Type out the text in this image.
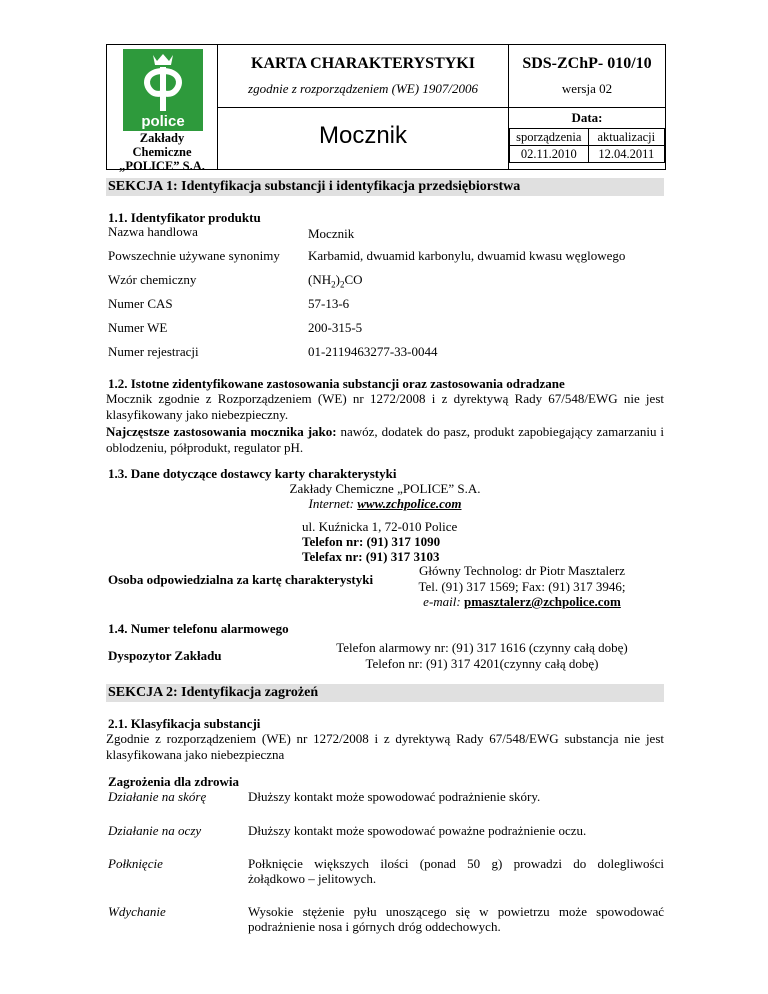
police
Zakłady
Chemiczne
„POLICE” S.A.
KARTA CHARAKTERYSTYKI
zgodnie z rozporządzeniem (WE) 1907/2006
SDS-ZChP- 010/10
wersja 02
Mocznik
Data:
sporządzenia	aktualizacji
02.11.2010	12.04.2011
SEKCJA 1: Identyfikacja substancji i identyfikacja przedsiębiorstwa
1.1. Identyfikator produktu
Nazwa handlowa	Mocznik
Powszechnie używane synonimy Karbamid, dwuamid karbonylu, dwuamid kwasu węglowego
Wzór chemiczny	$(NH_2)_2CO$
Numer CAS	57-13-6
Numer WE	200-315-5
Numer rejestracji	01-2119463277-33-0044
1.2. Istotne zidentyfikowane zastosowania substancji oraz zastosowania odradzane
Mocznik zgodnie z Rozporządzeniem (WE) nr 1272/2008 i z dyrektywą Rady 67/548/EWG nie jest klasyfikowany jako niebezpieczny.
Najczęstsze zastosowania mocznika jako: nawóz, dodatek do pasz, produkt zapobiegający zamarzaniu i oblodzeniu, półprodukt, regulator pH.
1.3. Dane dotyczące dostawcy karty charakterystyki
Zakłady Chemiczne „POLICE” S.A.
Internet: www.zchpolice.com
ul. Kuźnicka 1, 72-010 Police
Telefon nr: (91) 317 1090
Telefax nr: (91) 317 3103
Osoba odpowiedzialna za kartę charakterystyki
Główny Technolog: dr Piotr Masztalerz
Tel. (91) 317 1569; Fax: (91) 317 3946;
e-mail: pmasztalerz@zchpolice.com
1.4. Numer telefonu alarmowego
Dyspozytor Zakładu
Telefon alarmowy nr: (91) 317 1616 (czynny całą dobę)
Telefon nr: (91) 317 4201(czynny całą dobę)
SEKCJA 2: Identyfikacja zagrożeń
2.1. Klasyfikacja substancji
Zgodnie z rozporządzeniem (WE) nr 1272/2008 i z dyrektywą Rady 67/548/EWG substancja nie jest klasyfikowana jako niebezpieczna
Zagrożenia dla zdrowia
Działanie na skórę	Dłuższy kontakt może spowodować podrażnienie skóry.
Działanie na oczy	Dłuższy kontakt może spowodować poważne podrażnienie oczu.
Połknięcie	Połknięcie większych ilości (ponad 50 g) prowadzi do dolegliwości
żołądkowo – jelitowych.
Wdychanie	Wysokie stężenie pyłu unoszącego się w powietrzu może spowodować
podrażnienie nosa i górnych dróg oddechowych.
